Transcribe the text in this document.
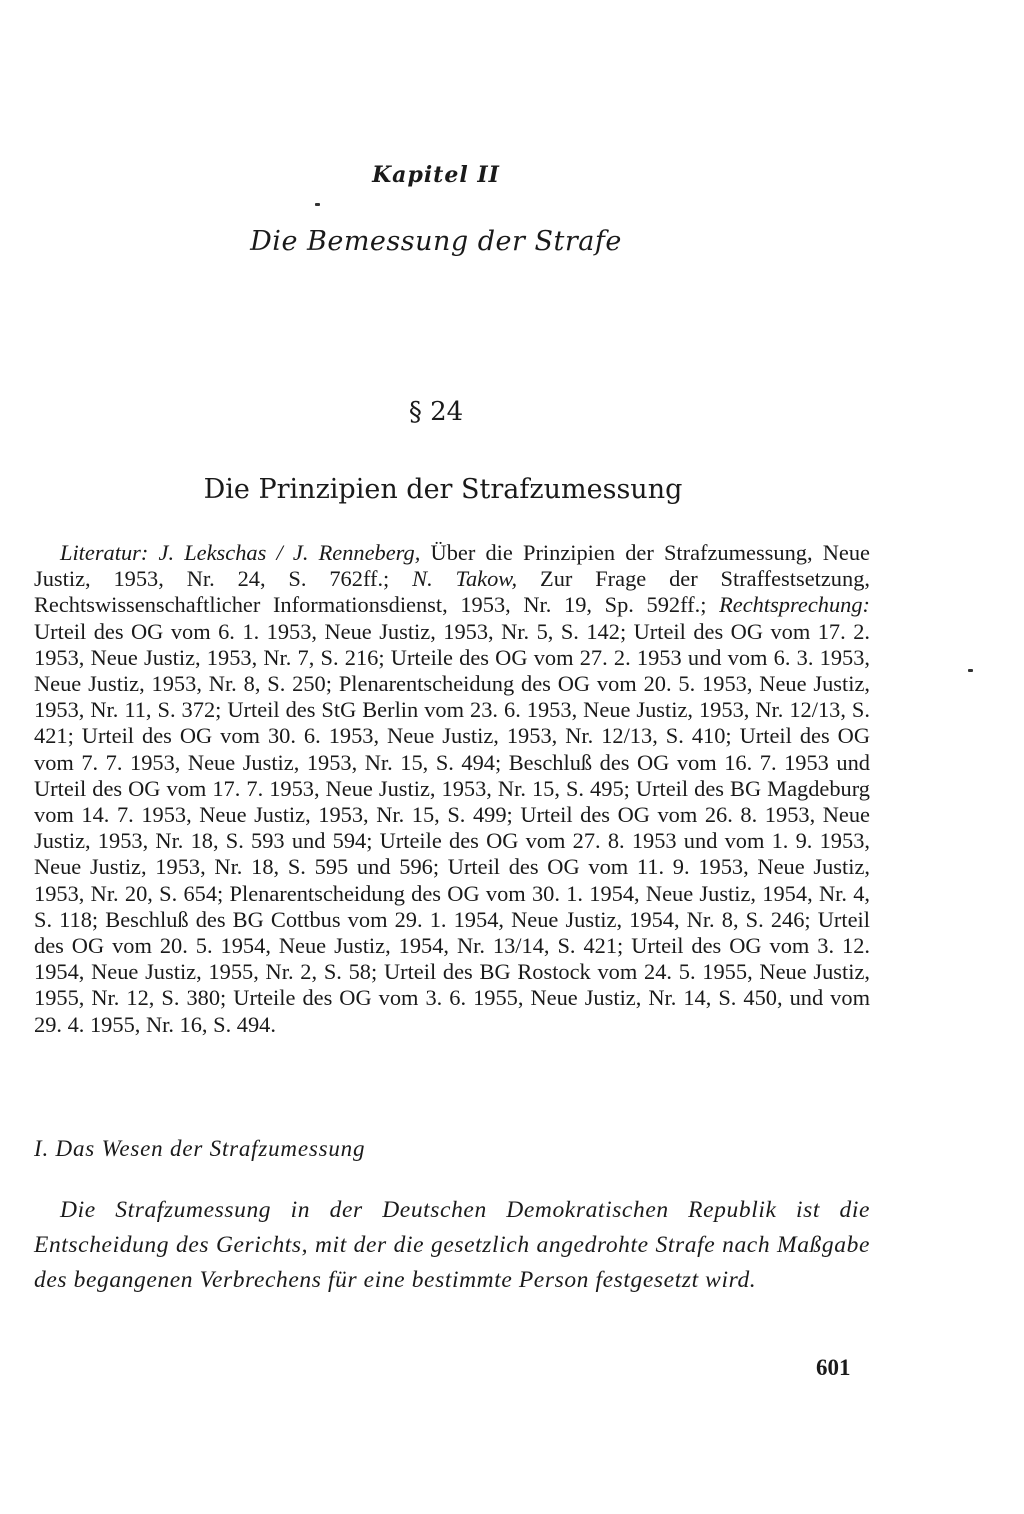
Kapitel II
Die Bemessung der Strafe
§ 24
Die Prinzipien der Strafzumessung
Literatur: J. Lekschas / J. Renneberg, Über die Prinzipien der Strafzumessung, Neue Justiz, 1953, Nr. 24, S. 762ff.; N. Takow, Zur Frage der Straffestsetzung, Rechtswissenschaftlicher Informationsdienst, 1953, Nr. 19, Sp. 592ff.; Rechtsprechung: Urteil des OG vom 6. 1. 1953, Neue Justiz, 1953, Nr. 5, S. 142; Urteil des OG vom 17. 2. 1953, Neue Justiz, 1953, Nr. 7, S. 216; Urteile des OG vom 27. 2. 1953 und vom 6. 3. 1953, Neue Justiz, 1953, Nr. 8, S. 250; Plenarentscheidung des OG vom 20. 5. 1953, Neue Justiz, 1953, Nr. 11, S. 372; Urteil des StG Berlin vom 23. 6. 1953, Neue Justiz, 1953, Nr. 12/13, S. 421; Urteil des OG vom 30. 6. 1953, Neue Justiz, 1953, Nr. 12/13, S. 410; Urteil des OG vom 7. 7. 1953, Neue Justiz, 1953, Nr. 15, S. 494; Beschluß des OG vom 16. 7. 1953 und Urteil des OG vom 17. 7. 1953, Neue Justiz, 1953, Nr. 15, S. 495; Urteil des BG Magdeburg vom 14. 7. 1953, Neue Justiz, 1953, Nr. 15, S. 499; Urteil des OG vom 26. 8. 1953, Neue Justiz, 1953, Nr. 18, S. 593 und 594; Urteile des OG vom 27. 8. 1953 und vom 1. 9. 1953, Neue Justiz, 1953, Nr. 18, S. 595 und 596; Urteil des OG vom 11. 9. 1953, Neue Justiz, 1953, Nr. 20, S. 654; Plenarentscheidung des OG vom 30. 1. 1954, Neue Justiz, 1954, Nr. 4, S. 118; Beschluß des BG Cottbus vom 29. 1. 1954, Neue Justiz, 1954, Nr. 8, S. 246; Urteil des OG vom 20. 5. 1954, Neue Justiz, 1954, Nr. 13/14, S. 421; Urteil des OG vom 3. 12. 1954, Neue Justiz, 1955, Nr. 2, S. 58; Urteil des BG Rostock vom 24. 5. 1955, Neue Justiz, 1955, Nr. 12, S. 380; Urteile des OG vom 3. 6. 1955, Neue Justiz, Nr. 14, S. 450, und vom 29. 4. 1955, Nr. 16, S. 494.
I. Das Wesen der Strafzumessung
Die Strafzumessung in der Deutschen Demokratischen Republik ist die Entscheidung des Gerichts, mit der die gesetzlich angedrohte Strafe nach Maßgabe des begangenen Verbrechens für eine bestimmte Person festgesetzt wird.
601
